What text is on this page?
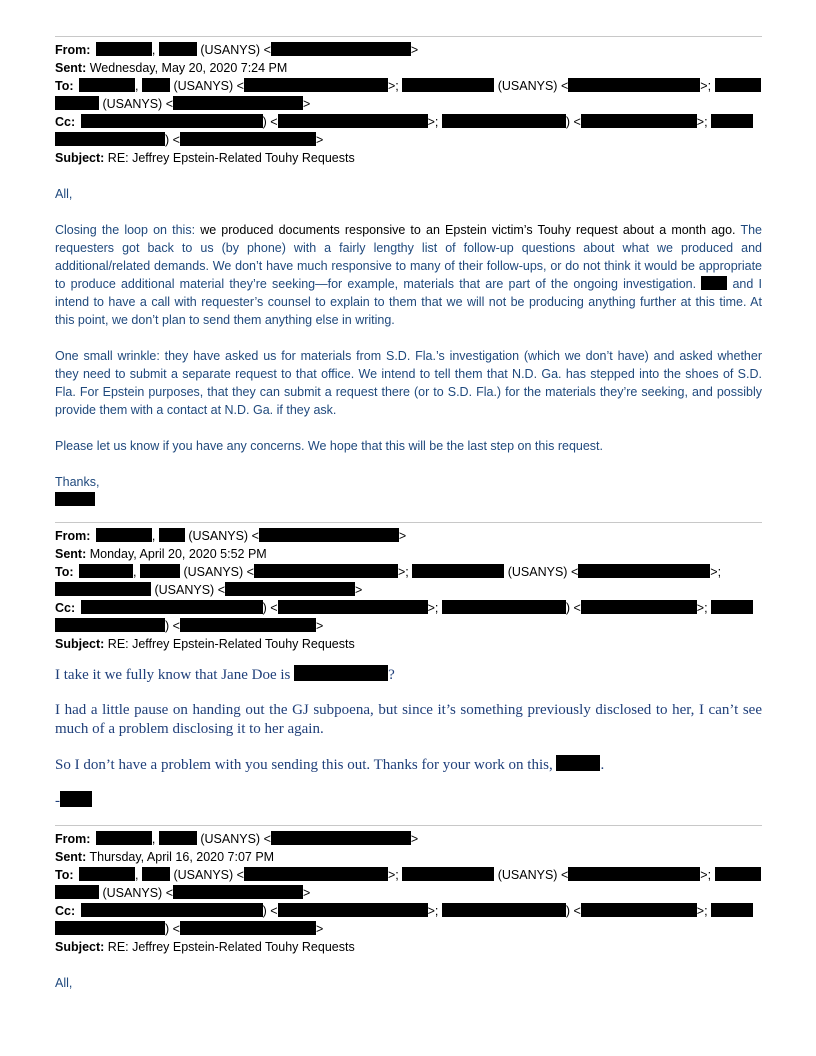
From:	,	(USANYS) <	>
Sent: Wednesday, May 20, 2020 7:24 PM
To:	,	(USANYS) <	>;	(USANYS) <	>;
(USANYS) <	>
Cc:	) <	>;	) <	>;
) <	>
Subject: RE: Jeffrey Epstein-Related Touhy Requests

All,

Closing the loop on this: we produced documents responsive to an Epstein victim’s Touhy request about a month ago. The requesters got back to us (by phone) with a fairly lengthy list of follow-up questions about what we produced and additional/related demands. We don’t have much responsive to many of their follow-ups, or do not think it would be appropriate to produce additional material they’re seeking—for example, materials that are part of the ongoing investigation.  and I intend to have a call with requester’s counsel to explain to them that we will not be producing anything further at this time. At this point, we don’t plan to send them anything else in writing.

One small wrinkle: they have asked us for materials from S.D. Fla.’s investigation (which we don’t have) and asked whether they need to submit a separate request to that office. We intend to tell them that N.D. Ga. has stepped into the shoes of S.D. Fla. For Epstein purposes, that they can submit a request there (or to S.D. Fla.) for the materials they’re seeking, and possibly provide them with a contact at N.D. Ga. if they ask.

Please let us know if you have any concerns. We hope that this will be the last step on this request.

Thanks,

From:	,	(USANYS) <	>
Sent: Monday, April 20, 2020 5:52 PM
To:	,	(USANYS) <	>;	(USANYS) <	>;
(USANYS) <	>
Cc:	) <	>;	) <	>;
) <	>
Subject: RE: Jeffrey Epstein-Related Touhy Requests

I take it we fully know that Jane Doe is	?

I had a little pause on handing out the GJ subpoena, but since it’s something previously disclosed to her, I can’t see much of a problem disclosing it to her again.

So I don’t have a problem with you sending this out. Thanks for your work on this,	.

-

From:	,	(USANYS) <	>
Sent: Thursday, April 16, 2020 7:07 PM
To:	,	(USANYS) <	>;	(USANYS) <	>;
(USANYS) <	>
Cc:	) <	>;	) <	>;
) <	>
Subject: RE: Jeffrey Epstein-Related Touhy Requests

All,
